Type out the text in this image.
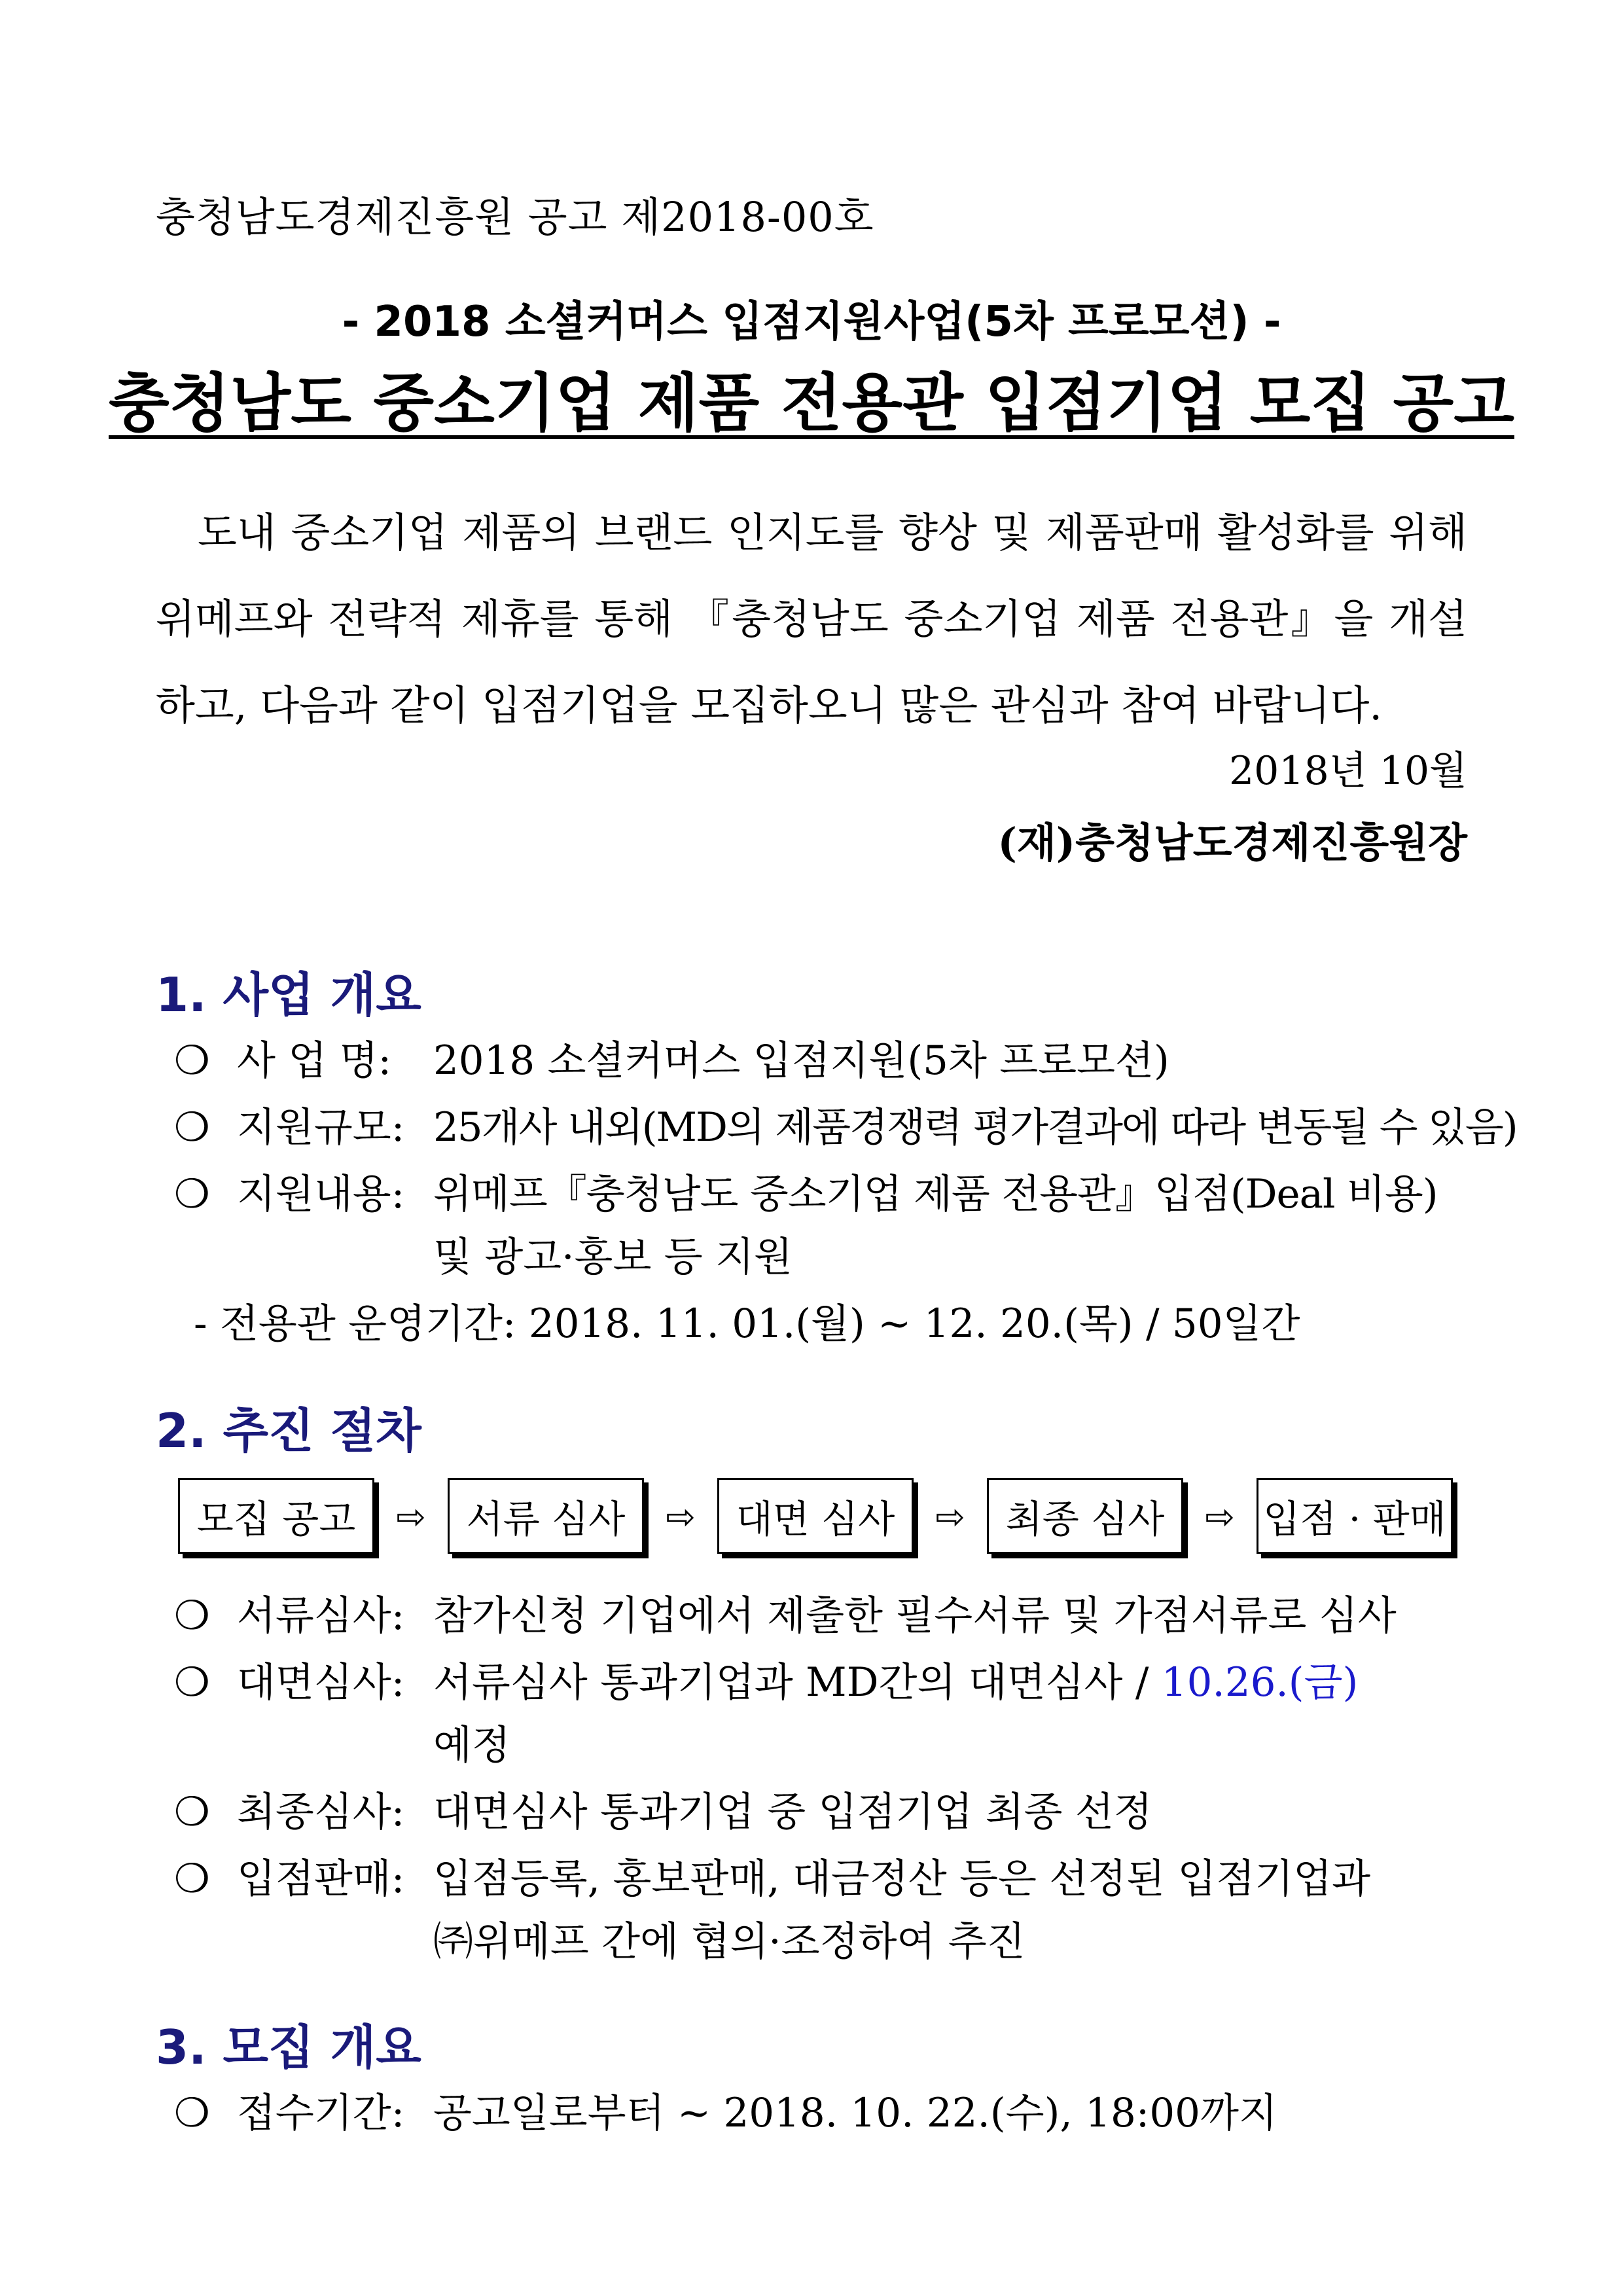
충청남도경제진흥원 공고 제2018-00호
- 2018 소셜커머스 입점지원사업(5차 프로모션) -
충청남도 중소기업 제품 전용관 입점기업 모집 공고
도내 중소기업 제품의 브랜드 인지도를 향상 및 제품판매 활성화를 위해 위메프와 전략적 제휴를 통해 『충청남도 중소기업 제품 전용관』을 개설하고, 다음과 같이 입점기업을 모집하오니 많은 관심과 참여 바랍니다.
2018년 10월
(재)충청남도경제진흥원장
1. 사업 개요
❍ 사 업 명: 2018 소셜커머스 입점지원(5차 프로모션)
❍ 지원규모: 25개사 내외(MD의 제품경쟁력 평가결과에 따라 변동될 수 있음)
❍ 지원내용: 위메프『충청남도 중소기업 제품 전용관』입점(Deal 비용)
및 광고·홍보 등 지원
- 전용관 운영기간: 2018. 11. 01.(월) ~ 12. 20.(목) / 50일간
2. 추진 절차
모집 공고	⇨	서류 심사	⇨	대면 심사	⇨	최종 심사	⇨ 입점 · 판매
❍ 서류심사: 참가신청 기업에서 제출한 필수서류 및 가점서류로 심사
❍ 대면심사: 서류심사 통과기업과 MD간의 대면심사 / 10.26.(금)
예정
❍ 최종심사: 대면심사 통과기업 중 입점기업 최종 선정
❍ 입점판매: 입점등록, 홍보판매, 대금정산 등은 선정된 입점기업과
㈜위메프 간에 협의·조정하여 추진
3. 모집 개요
❍ 접수기간: 공고일로부터 ~ 2018. 10. 22.(수), 18:00까지
